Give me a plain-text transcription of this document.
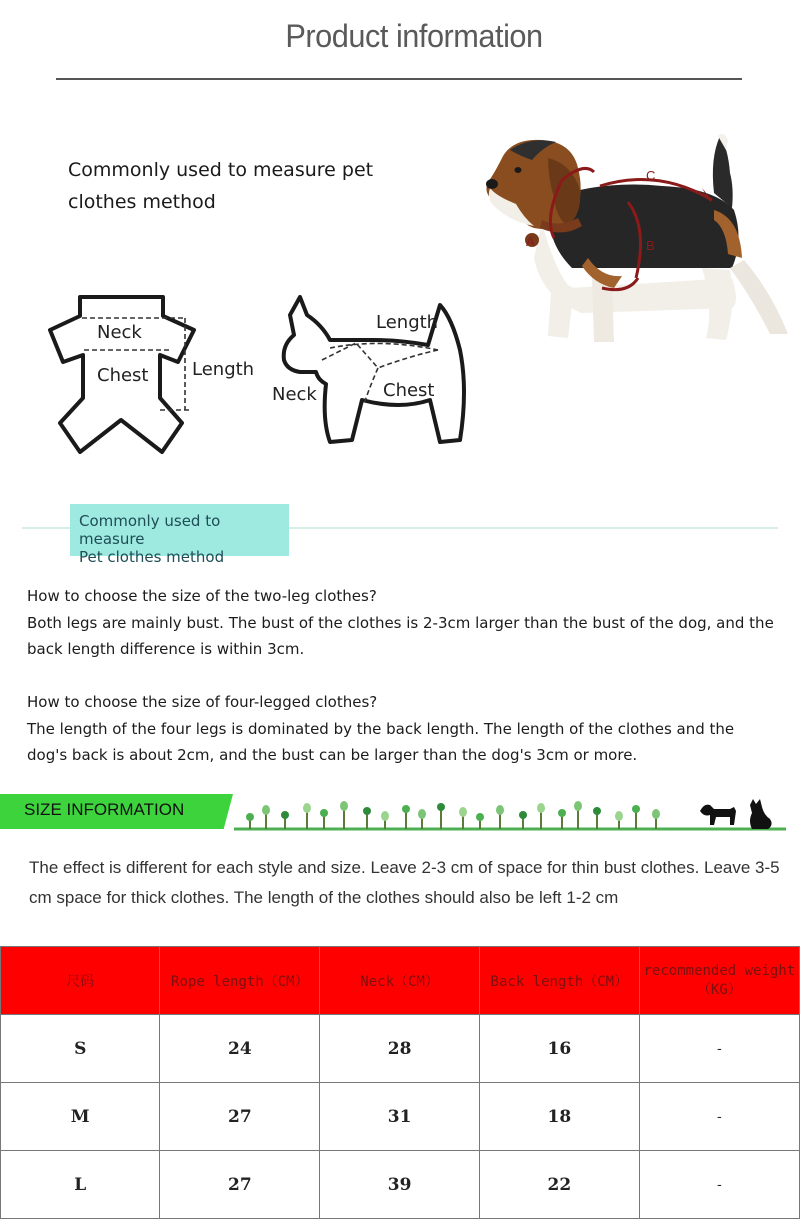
Product information
Commonly used to measure pet clothes method
Neck
Chest Length
Length
Neck	Chest
A	B
C
Commonly used to measure
Pet clothes method
How to choose the size of the two-leg clothes?
Both legs are mainly bust. The bust of the clothes is 2-3cm larger than the bust of the dog, and the back length difference is within 3cm.
How to choose the size of four-legged clothes?
The length of the four legs is dominated by the back length. The length of the clothes and the dog's back is about 2cm, and the bust can be larger than the dog's 3cm or more.
SIZE INFORMATION
The effect is different for each style and size. Leave 2-3 cm of space for thin bust clothes. Leave 3-5 cm space for thick clothes. The length of the clothes should also be left 1-2 cm
尺码	Rope length（CM）	Neck（CM）	Back length（CM）	recommended weight（KG）
S	24	28	16	-
M	27	31	18	-
L	27	39	22	-
